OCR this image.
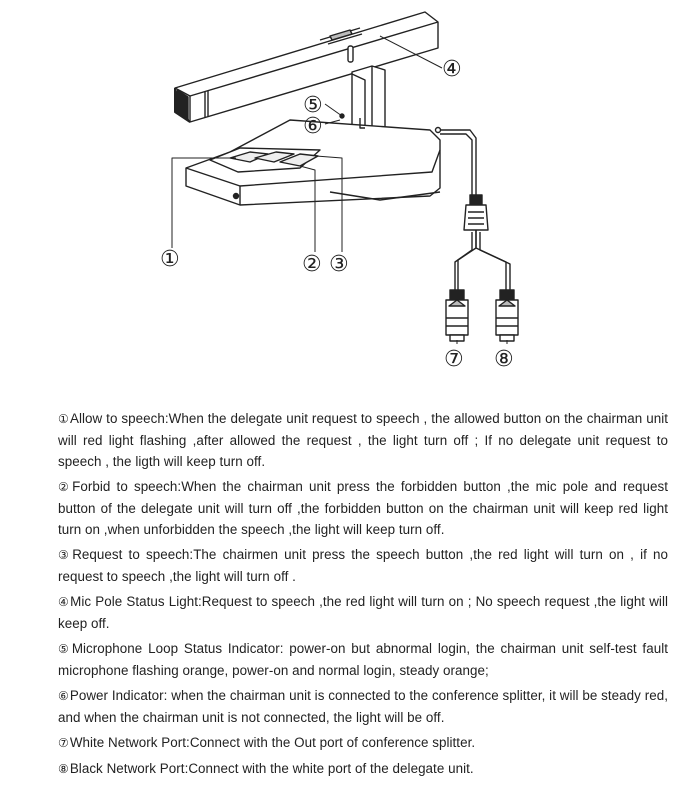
①	② ③
④
⑤
⑥
⑦ ⑧

①Allow to speech:When the delegate unit request to speech , the allowed button on the chairman unit will red light flashing ,after allowed the request , the light turn off ; If no delegate unit request to speech , the ligth will keep turn off.

②Forbid to speech:When the chairman unit press the forbidden button ,the mic pole and request button of the delegate unit will turn off ,the forbidden button on the chairman unit will keep red light turn on ,when unforbidden the speech ,the light will keep turn off.

③Request to speech:The chairmen unit press the speech button ,the red light will turn on , if no request to speech ,the light will turn off .

④Mic Pole Status Light:Request to speech ,the red light will turn on ; No speech request ,the light will keep off.

⑤Microphone Loop Status Indicator: power-on but abnormal login, the chairman unit self-test fault microphone flashing orange, power-on and normal login, steady orange;

⑥Power Indicator: when the chairman unit is connected to the conference splitter, it will be steady red, and when the chairman unit is not connected, the light will be off.

⑦White Network Port:Connect with the Out port of conference splitter.

⑧Black Network Port:Connect with the white port of the delegate unit.
